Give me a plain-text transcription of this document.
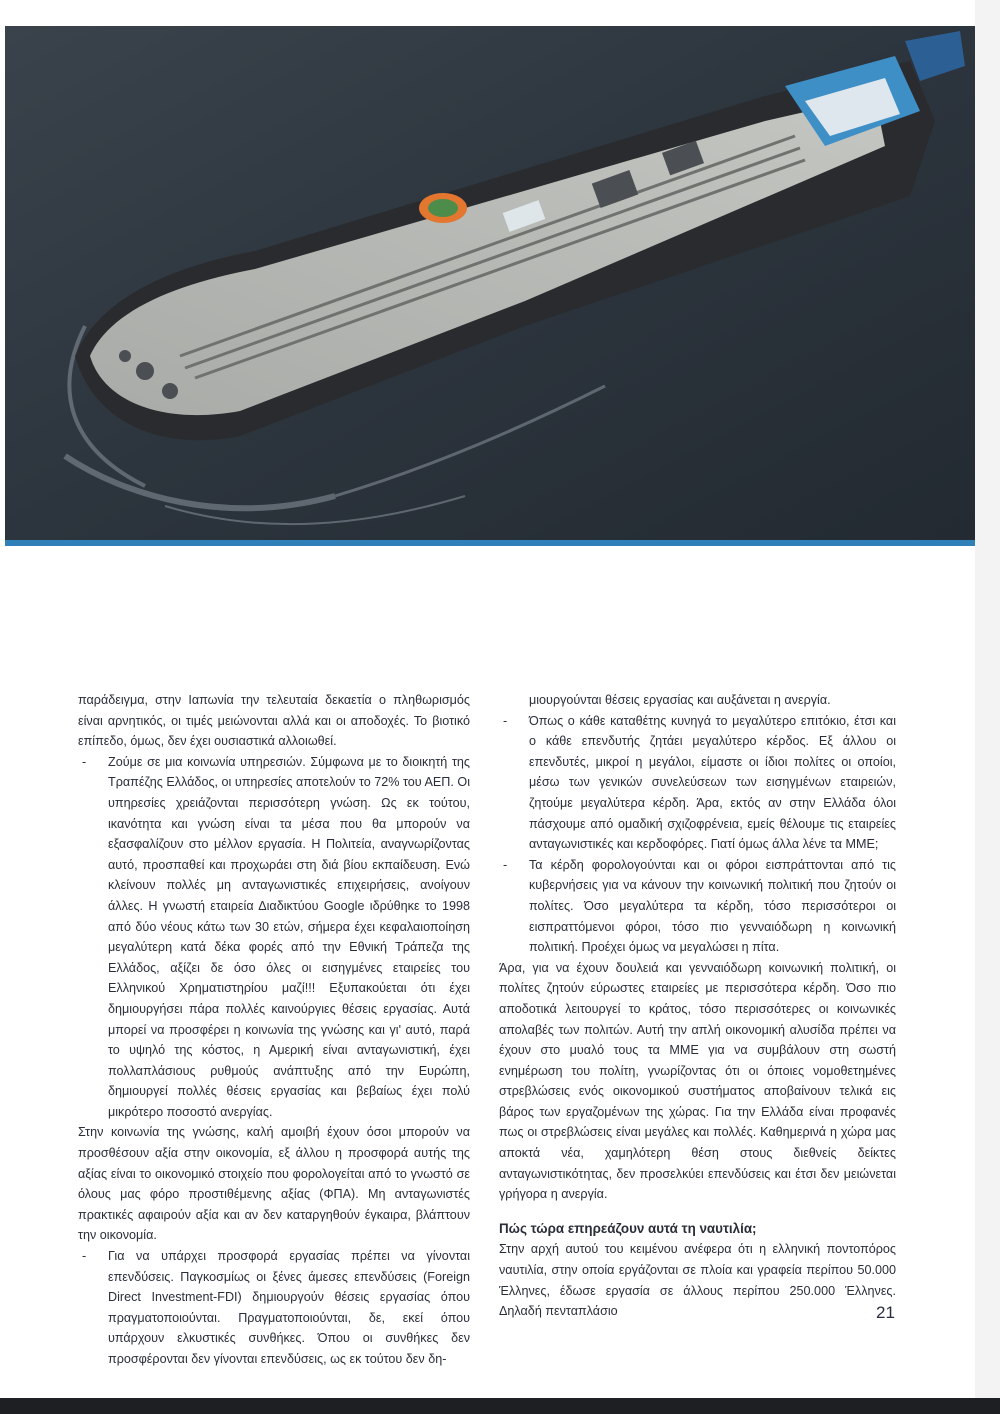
παράδειγμα, στην Ιαπωνία την τελευταία δεκαετία ο πληθωρισμός είναι αρνητικός, οι τιμές μειώνονται αλλά και οι αποδοχές. Το βιοτικό επίπεδο, όμως, δεν έχει ουσιαστικά αλλοιωθεί.

- Ζούμε σε μια κοινωνία υπηρεσιών. Σύμφωνα με το διοικητή της Τραπέζης Ελλάδος, οι υπηρεσίες αποτελούν το 72% του ΑΕΠ. Οι υπηρεσίες χρειάζονται περισσότερη γνώση. Ως εκ τούτου, ικανότητα και γνώση είναι τα μέσα που θα μπορούν να εξασφαλίζουν στο μέλλον εργασία. Η Πολιτεία, αναγνωρίζοντας αυτό, προσπαθεί και προχωράει στη διά βίου εκπαίδευση. Ενώ κλείνουν πολλές μη ανταγωνιστικές επιχειρήσεις, ανοίγουν άλλες. Η γνωστή εταιρεία Διαδικτύου Google ιδρύθηκε το 1998 από δύο νέους κάτω των 30 ετών, σήμερα έχει κεφαλαιοποίηση μεγαλύτερη κατά δέκα φορές από την Εθνική Τράπεζα της Ελλάδος, αξίζει δε όσο όλες οι εισηγμένες εταιρείες του Ελληνικού Χρηματιστηρίου μαζί!!! Εξυπακούεται ότι έχει δημιουργήσει πάρα πολλές καινούργιες θέσεις εργασίας. Αυτά μπορεί να προσφέρει η κοινωνία της γνώσης και γι' αυτό, παρά το υψηλό της κόστος, η Αμερική είναι ανταγωνιστική, έχει πολλαπλάσιους ρυθμούς ανάπτυξης από την Ευρώπη, δημιουργεί πολλές θέσεις εργασίας και βεβαίως έχει πολύ μικρότερο ποσοστό ανεργίας.

Στην κοινωνία της γνώσης, καλή αμοιβή έχουν όσοι μπορούν να προσθέσουν αξία στην οικονομία, εξ άλλου η προσφορά αυτής της αξίας είναι το οικονομικό στοιχείο που φορολογείται από το γνωστό σε όλους μας φόρο προστιθέμενης αξίας (ΦΠΑ). Μη ανταγωνιστές πρακτικές αφαιρούν αξία και αν δεν καταργηθούν έγκαιρα, βλάπτουν την οικονομία.

- Για να υπάρχει προσφορά εργασίας πρέπει να γίνονται επενδύσεις. Παγκοσμίως οι ξένες άμεσες επενδύσεις (Foreign Direct Investment-FDI) δημιουργούν θέσεις εργασίας όπου πραγματοποιούνται. Πραγματοποιούνται, δε, εκεί όπου υπάρχουν ελκυστικές συνθήκες. Όπου οι συνθήκες δεν προσφέρονται δεν γίνονται επενδύσεις, ως εκ τούτου δεν δη-

μιουργούνται θέσεις εργασίας και αυξάνεται η ανεργία.

- Όπως ο κάθε καταθέτης κυνηγά το μεγαλύτερο επιτόκιο, έτσι και ο κάθε επενδυτής ζητάει μεγαλύτερο κέρδος. Εξ άλλου οι επενδυτές, μικροί η μεγάλοι, είμαστε οι ίδιοι πολίτες οι οποίοι, μέσω των γενικών συνελεύσεων των εισηγμένων εταιρειών, ζητούμε μεγαλύτερα κέρδη. Άρα, εκτός αν στην Ελλάδα όλοι πάσχουμε από ομαδική σχιζοφρένεια, εμείς θέλουμε τις εταιρείες ανταγωνιστικές και κερδοφόρες. Γιατί όμως άλλα λένε τα ΜΜΕ;

- Τα κέρδη φορολογούνται και οι φόροι εισπράττονται από τις κυβερνήσεις για να κάνουν την κοινωνική πολιτική που ζητούν οι πολίτες. Όσο μεγαλύτερα τα κέρδη, τόσο περισσότεροι οι εισπραττόμενοι φόροι, τόσο πιο γενναιόδωρη η κοινωνική πολιτική. Προέχει όμως να μεγαλώσει η πίτα.

Άρα, για να έχουν δουλειά και γενναιόδωρη κοινωνική πολιτική, οι πολίτες ζητούν εύρωστες εταιρείες με περισσότερα κέρδη. Όσο πιο αποδοτικά λειτουργεί το κράτος, τόσο περισσότερες οι κοινωνικές απολαβές των πολιτών. Αυτή την απλή οικονομική αλυσίδα πρέπει να έχουν στο μυαλό τους τα ΜΜΕ για να συμβάλουν στη σωστή ενημέρωση του πολίτη, γνωρίζοντας ότι οι όποιες νομοθετημένες στρεβλώσεις ενός οικονομικού συστήματος αποβαίνουν τελικά εις βάρος των εργαζομένων της χώρας. Για την Ελλάδα είναι προφανές πως οι στρεβλώσεις είναι μεγάλες και πολλές. Καθημερινά η χώρα μας αποκτά νέα, χαμηλότερη θέση στους διεθνείς δείκτες ανταγωνιστικότητας, δεν προσελκύει επενδύσεις και έτσι δεν μειώνεται γρήγορα η ανεργία.

Πώς τώρα επηρεάζουν αυτά τη ναυτιλία;

Στην αρχή αυτού του κειμένου ανέφερα ότι η ελληνική ποντοπόρος ναυτιλία, στην οποία εργάζονται σε πλοία και γραφεία περίπου 50.000 Έλληνες, έδωσε εργασία σε άλλους περίπου 250.000 Έλληνες. Δηλαδή πενταπλάσιο	21
